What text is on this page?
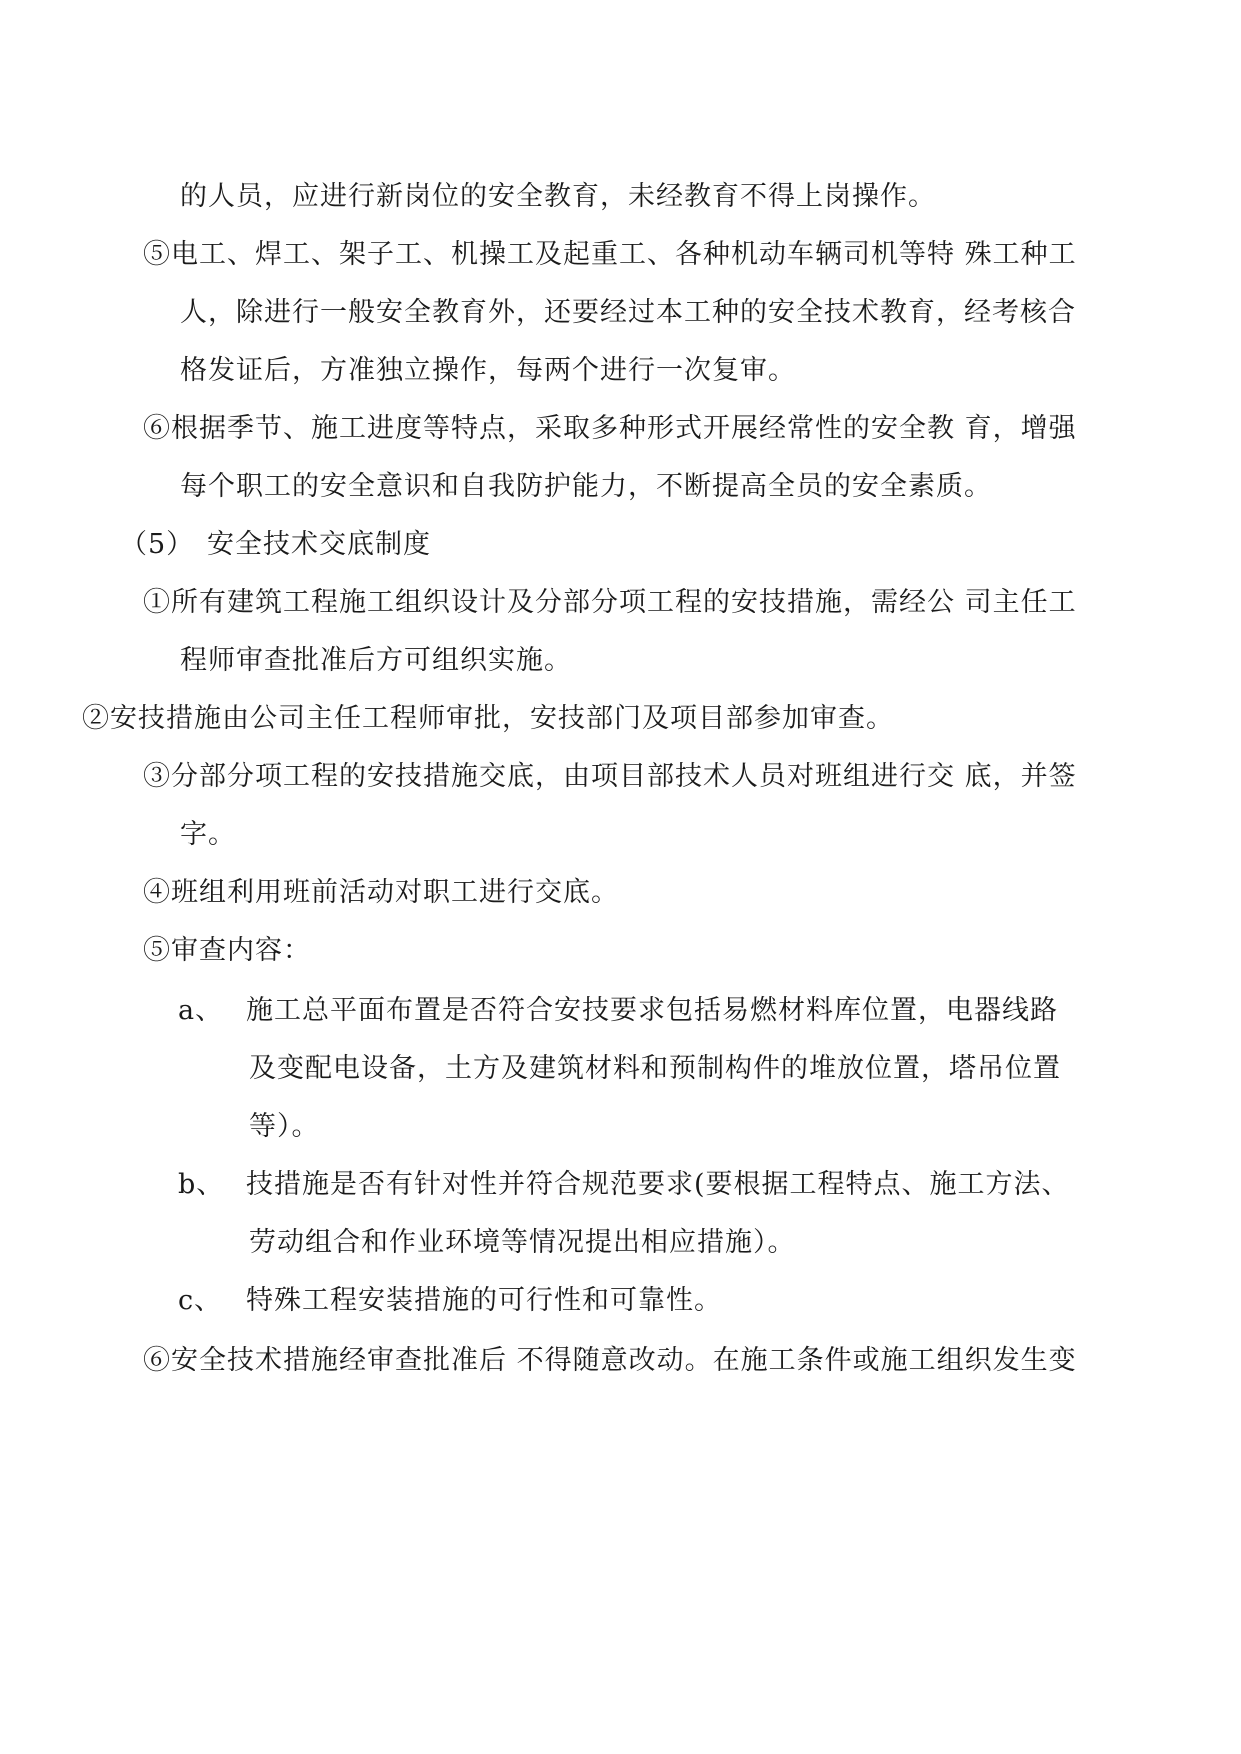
的人员，应进行新岗位的安全教育，未经教育不得上岗操作。
⑤电工、焊工、架子工、机操工及起重工、各种机动车辆司机等特 殊工种工
人，除进行一般安全教育外，还要经过本工种的安全技术教育，经考核合
格发证后，方准独立操作，每两个进行一次复审。
⑥根据季节、施工进度等特点，采取多种形式开展经常性的安全教 育，增强
每个职工的安全意识和自我防护能力，不断提高全员的安全素质。
（5） 安全技术交底制度
①所有建筑工程施工组织设计及分部分项工程的安技措施，需经公 司主任工
程师审查批准后方可组织实施。
②安技措施由公司主任工程师审批，安技部门及项目部参加审查。
③分部分项工程的安技措施交底，由项目部技术人员对班组进行交 底，并签
字。
④班组利用班前活动对职工进行交底。
⑤审查内容：
a、 施工总平面布置是否符合安技要求包括易燃材料库位置，电器线路
及变配电设备，土方及建筑材料和预制构件的堆放位置，塔吊位置
等）。
b、 技措施是否有针对性并符合规范要求(要根据工程特点、施工方法、
劳动组合和作业环境等情况提出相应措施）。
c、 特殊工程安装措施的可行性和可靠性。
⑥安全技术措施经审查批准后 不得随意改动。在施工条件或施工组织发生变
